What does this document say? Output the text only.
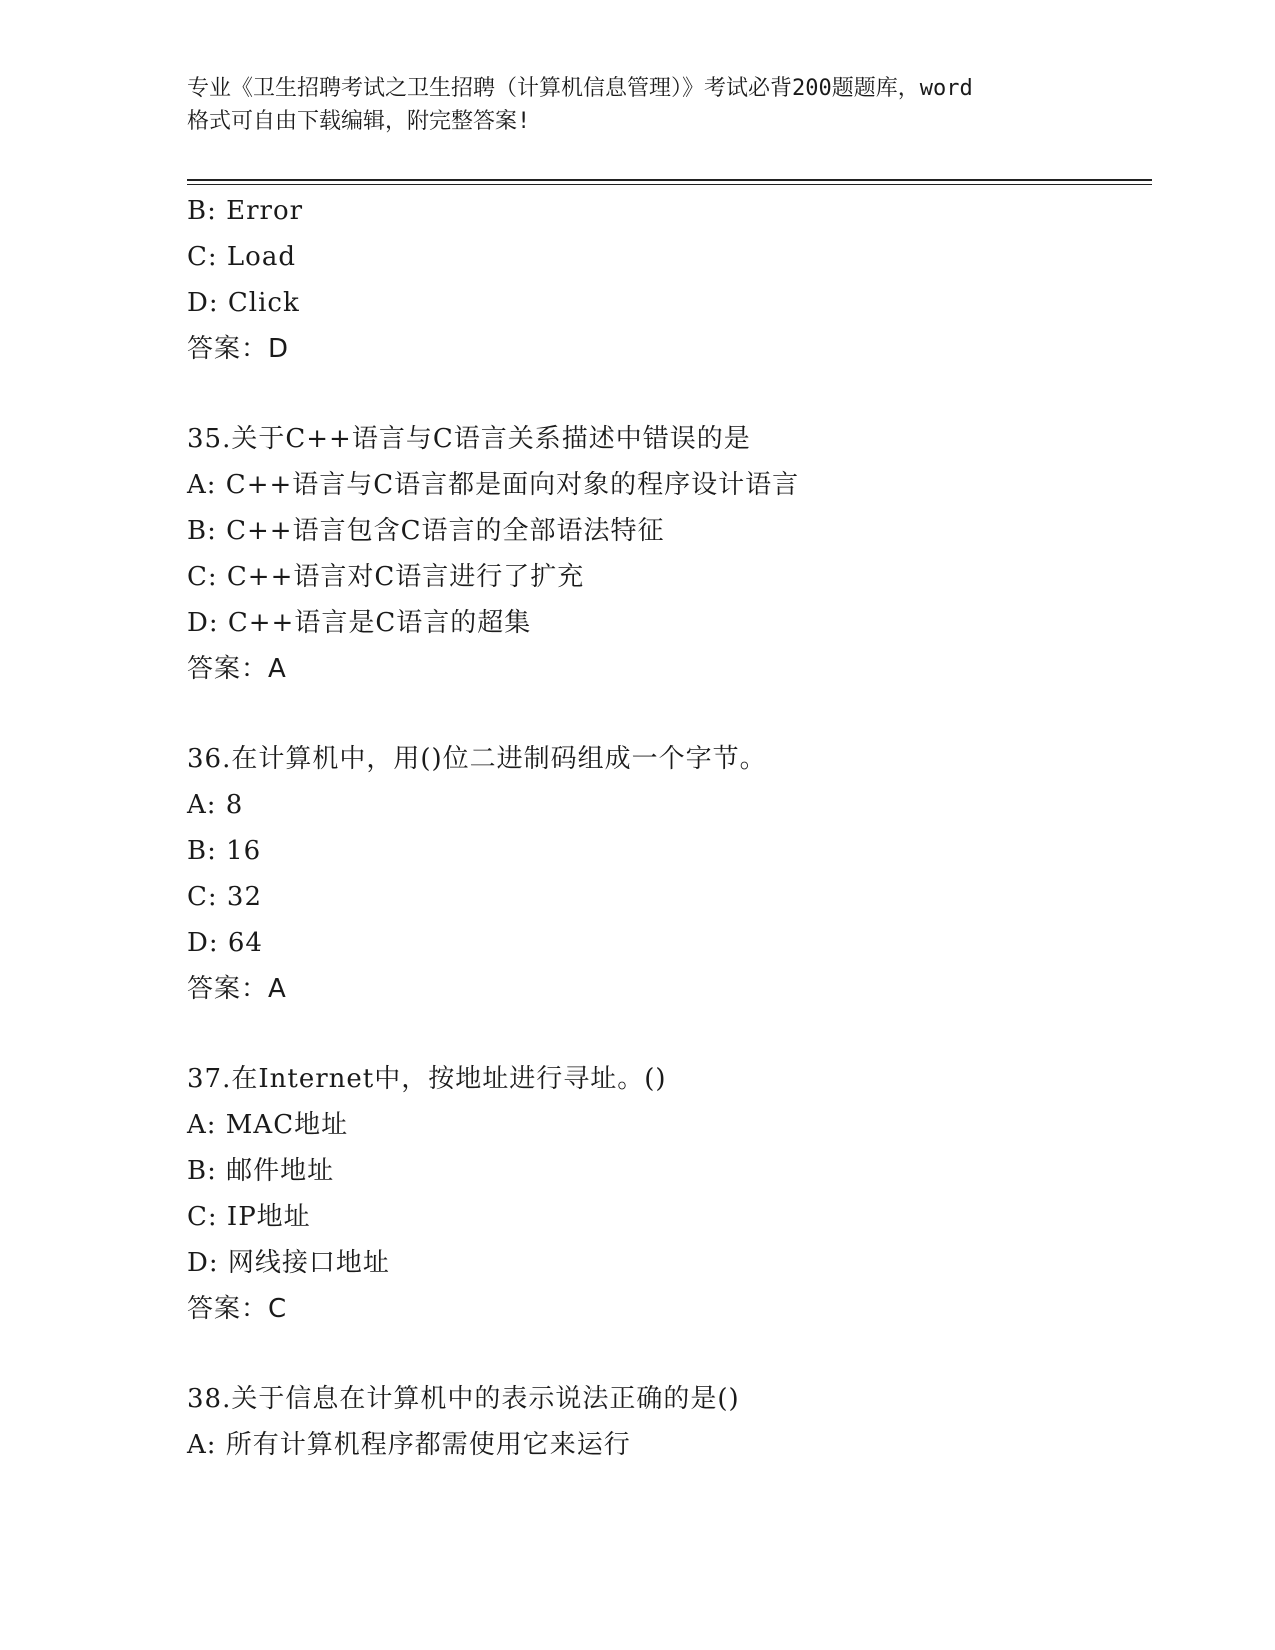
专业《卫生招聘考试之卫生招聘（计算机信息管理）》考试必背200题题库，word
格式可自由下载编辑，附完整答案!
B: Error
C: Load
D: Click
答案：D
35.关于C++语言与C语言关系描述中错误的是
A: C++语言与C语言都是面向对象的程序设计语言
B: C++语言包含C语言的全部语法特征
C: C++语言对C语言进行了扩充
D: C++语言是C语言的超集
答案：A
36.在计算机中，用()位二进制码组成一个字节。
A: 8
B: 16
C: 32
D: 64
答案：A
37.在Internet中，按地址进行寻址。()
A: MAC地址
B: 邮件地址
C: IP地址
D: 网线接口地址
答案：C
38.关于信息在计算机中的表示说法正确的是()
A: 所有计算机程序都需使用它来运行
